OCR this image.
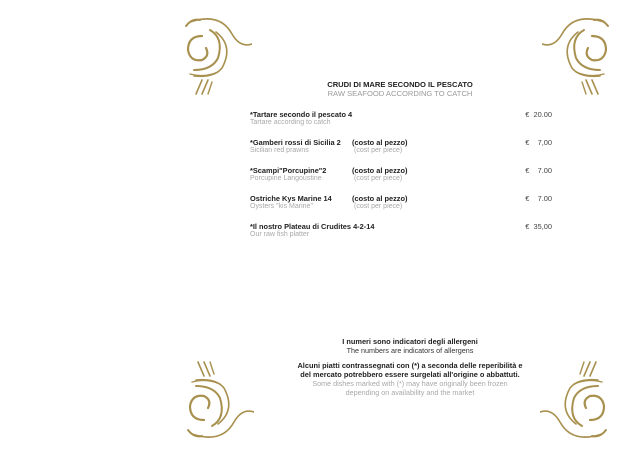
CRUDI DI MARE SECONDO IL PESCATO
RAW SEAFOOD ACCORDING TO CATCH
*Tartare secondo il pescato 4
Tartare according to catch
€  20.00
*Gamberi rossi di Sicilia 2
Sicilian red prawns
(costo al pezzo)
(cost per piece)
€    7,00
*Scampi"Porcupine"2
Porcupine Langoustine
(costo al pezzo)
(cost per piece)
€    7.00
Ostriche Kys Marine 14
Oysters "kis Marine"
(costo al pezzo)
(cost per piece)
€    7.00
*Il nostro Plateau di Crudites 4-2-14
Our raw fish platter
€  35,00
I numeri sono indicatori degli allergeni
The numbers are indicators of allergens
Alcuni piatti contrassegnati con (*) a seconda delle reperibilità e
del mercato potrebbero essere surgelati all'origine o abbattuti.
Some dishes marked with (*) may have originally been frozen
depending on availability and the market
